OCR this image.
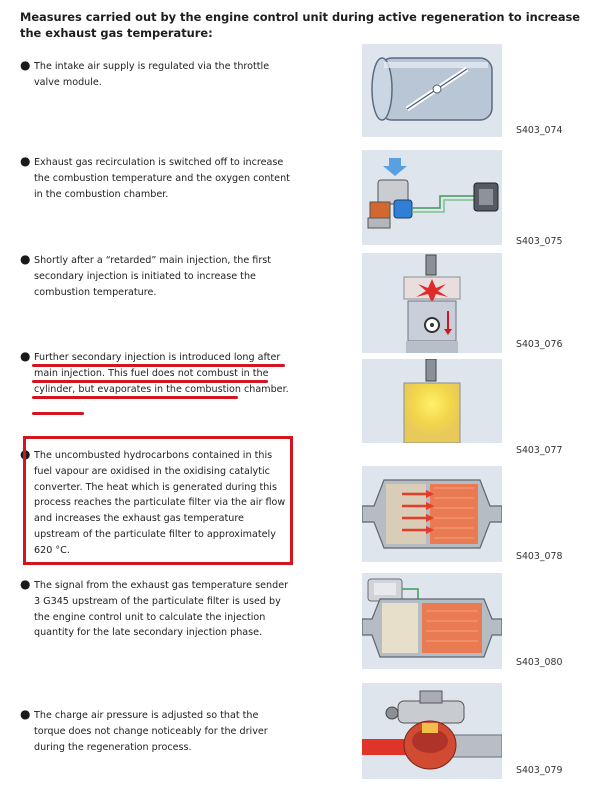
Measures carried out by the engine control unit during active regeneration to increase the exhaust gas temperature:
● The intake air supply is regulated via the throttle valve module.
S403_074
● Exhaust gas recirculation is switched off to increase the combustion temperature and the oxygen content in the combustion chamber.
S403_075
● Shortly after a “retarded” main injection, the first secondary injection is initiated to increase the combustion temperature.
S403_076
● Further secondary injection is introduced long after main injection. This fuel does not combust in the cylinder, but evaporates in the combustion chamber.
S403_077
● The uncombusted hydrocarbons contained in this fuel vapour are oxidised in the oxidising catalytic converter. The heat which is generated during this process reaches the particulate filter via the air flow and increases the exhaust gas temperature upstream of the particulate filter to approximately 620 °C.
S403_078
● The signal from the exhaust gas temperature sender 3 G345 upstream of the particulate filter is used by the engine control unit to calculate the injection quantity for the late secondary injection phase.
S403_080
● The charge air pressure is adjusted so that the torque does not change noticeably for the driver during the regeneration process.
S403_079
